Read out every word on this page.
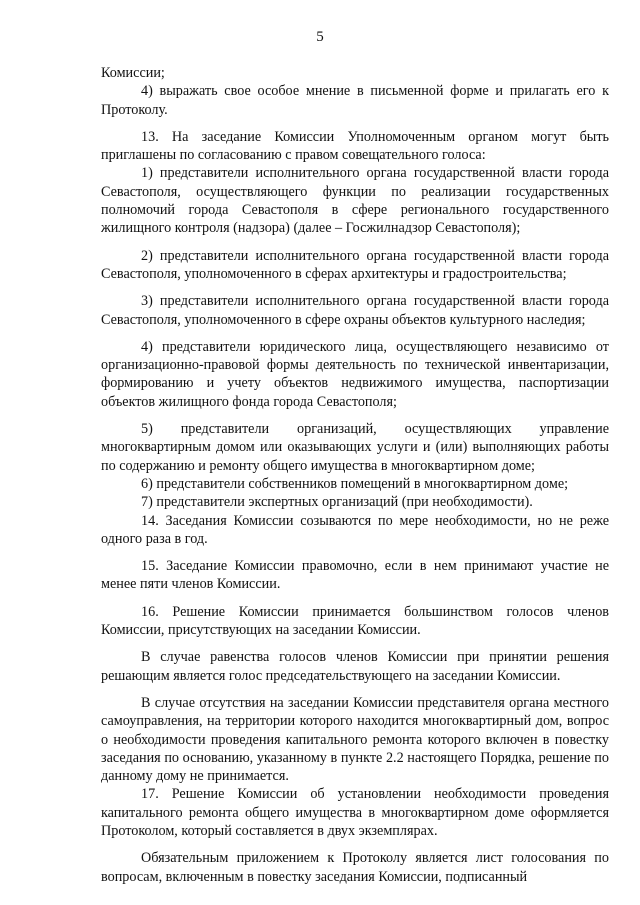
5

Комиссии;

4) выражать свое особое мнение в письменной форме и прилагать его к Протоколу.

13. На заседание Комиссии Уполномоченным органом могут быть приглашены по согласованию с правом совещательного голоса:

1) представители исполнительного органа государственной власти города Севастополя, осуществляющего функции по реализации государственных полномочий города Севастополя в сфере регионального государственного жилищного контроля (надзора) (далее – Госжилнадзор Севастополя);

2) представители исполнительного органа государственной власти города Севастополя, уполномоченного в сферах архитектуры и градостроительства;

3) представители исполнительного органа государственной власти города Севастополя, уполномоченного в сфере охраны объектов культурного наследия;

4) представители юридического лица, осуществляющего независимо от организационно-правовой формы деятельность по технической инвентаризации, формированию и учету объектов недвижимого имущества, паспортизации объектов жилищного фонда города Севастополя;

5) представители организаций, осуществляющих управление многоквартирным домом или оказывающих услуги и (или) выполняющих работы по содержанию и ремонту общего имущества в многоквартирном доме;

6) представители собственников помещений в многоквартирном доме;

7) представители экспертных организаций (при необходимости).

14. Заседания Комиссии созываются по мере необходимости, но не реже одного раза в год.

15. Заседание Комиссии правомочно, если в нем принимают участие не менее пяти членов Комиссии.

16. Решение Комиссии принимается большинством голосов членов Комиссии, присутствующих на заседании Комиссии.

В случае равенства голосов членов Комиссии при принятии решения решающим является голос председательствующего на заседании Комиссии.

В случае отсутствия на заседании Комиссии представителя органа местного самоуправления, на территории которого находится многоквартирный дом, вопрос о необходимости проведения капитального ремонта которого включен в повестку заседания по основанию, указанному в пункте 2.2 настоящего Порядка, решение по данному дому не принимается.

17. Решение Комиссии об установлении необходимости проведения капитального ремонта общего имущества в многоквартирном доме оформляется Протоколом, который составляется в двух экземплярах.

Обязательным приложением к Протоколу является лист голосования по вопросам, включенным в повестку заседания Комиссии, подписанный
